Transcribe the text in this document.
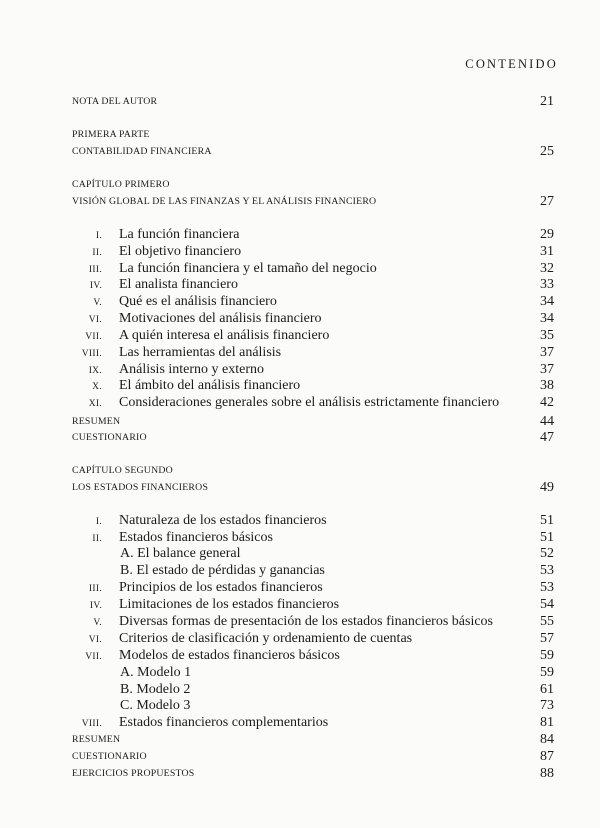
CONTENIDO
NOTA DEL AUTOR	21
PRIMERA PARTE
CONTABILIDAD FINANCIERA	25
CAPÍTULO PRIMERO
VISIÓN GLOBAL DE LAS FINANZAS Y EL ANÁLISIS FINANCIERO	27
I. La función financiera	29
II. El objetivo financiero	31
III. La función financiera y el tamaño del negocio	32
IV. El analista financiero	33
V. Qué es el análisis financiero	34
VI. Motivaciones del análisis financiero	34
VII. A quién interesa el análisis financiero	35
VIII. Las herramientas del análisis	37
IX. Análisis interno y externo	37
X. El ámbito del análisis financiero	38
XI. Consideraciones generales sobre el análisis estrictamente financiero	42
RESUMEN	44
CUESTIONARIO	47
CAPÍTULO SEGUNDO
LOS ESTADOS FINANCIEROS	49
I. Naturaleza de los estados financieros	51
II. Estados financieros básicos	51
A. El balance general	52
B. El estado de pérdidas y ganancias	53
III. Principios de los estados financieros	53
IV. Limitaciones de los estados financieros	54
V. Diversas formas de presentación de los estados financieros básicos	55
VI. Criterios de clasificación y ordenamiento de cuentas	57
VII. Modelos de estados financieros básicos	59
A. Modelo 1	59
B. Modelo 2	61
C. Modelo 3	73
VIII. Estados financieros complementarios	81
RESUMEN	84
CUESTIONARIO	87
EJERCICIOS PROPUESTOS	88
